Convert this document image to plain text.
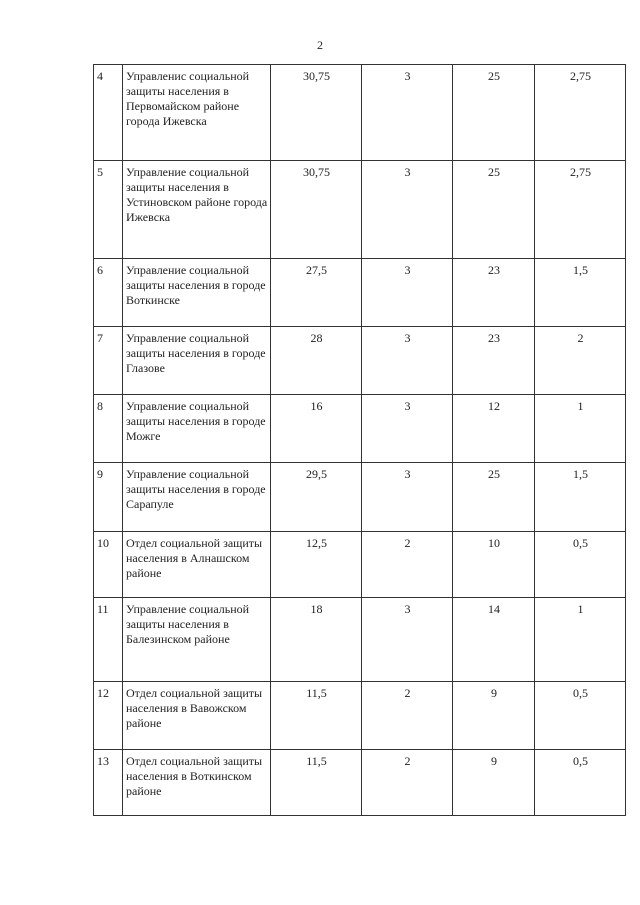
2
4	Управленис социальной защиты населения в Первомайском районе города Ижевска	30,75	3	25	2,75
5	Управление социальной защиты населения в Устиновском районе города Ижевска	30,75	3	25	2,75
6	Управление социальной защиты населения в городе Воткинске	27,5	3	23	1,5
7	Управление социальной защиты населения в городе Глазове	28	3	23	2
8	Управление социальной защиты населения в городе Можге	16	3	12	1
9	Управление социальной защиты населения в городе Сарапуле	29,5	3	25	1,5
10	Отдел социальной защиты населения в Алнашском районе	12,5	2	10	0,5
11	Управление социальной защиты населения в Балезинском районе	18	3	14	1
12	Отдел социальной защиты населения в Вавожском районе	11,5	2	9	0,5
13	Отдел социальной защиты населения в Воткинском районе	11,5	2	9	0,5
